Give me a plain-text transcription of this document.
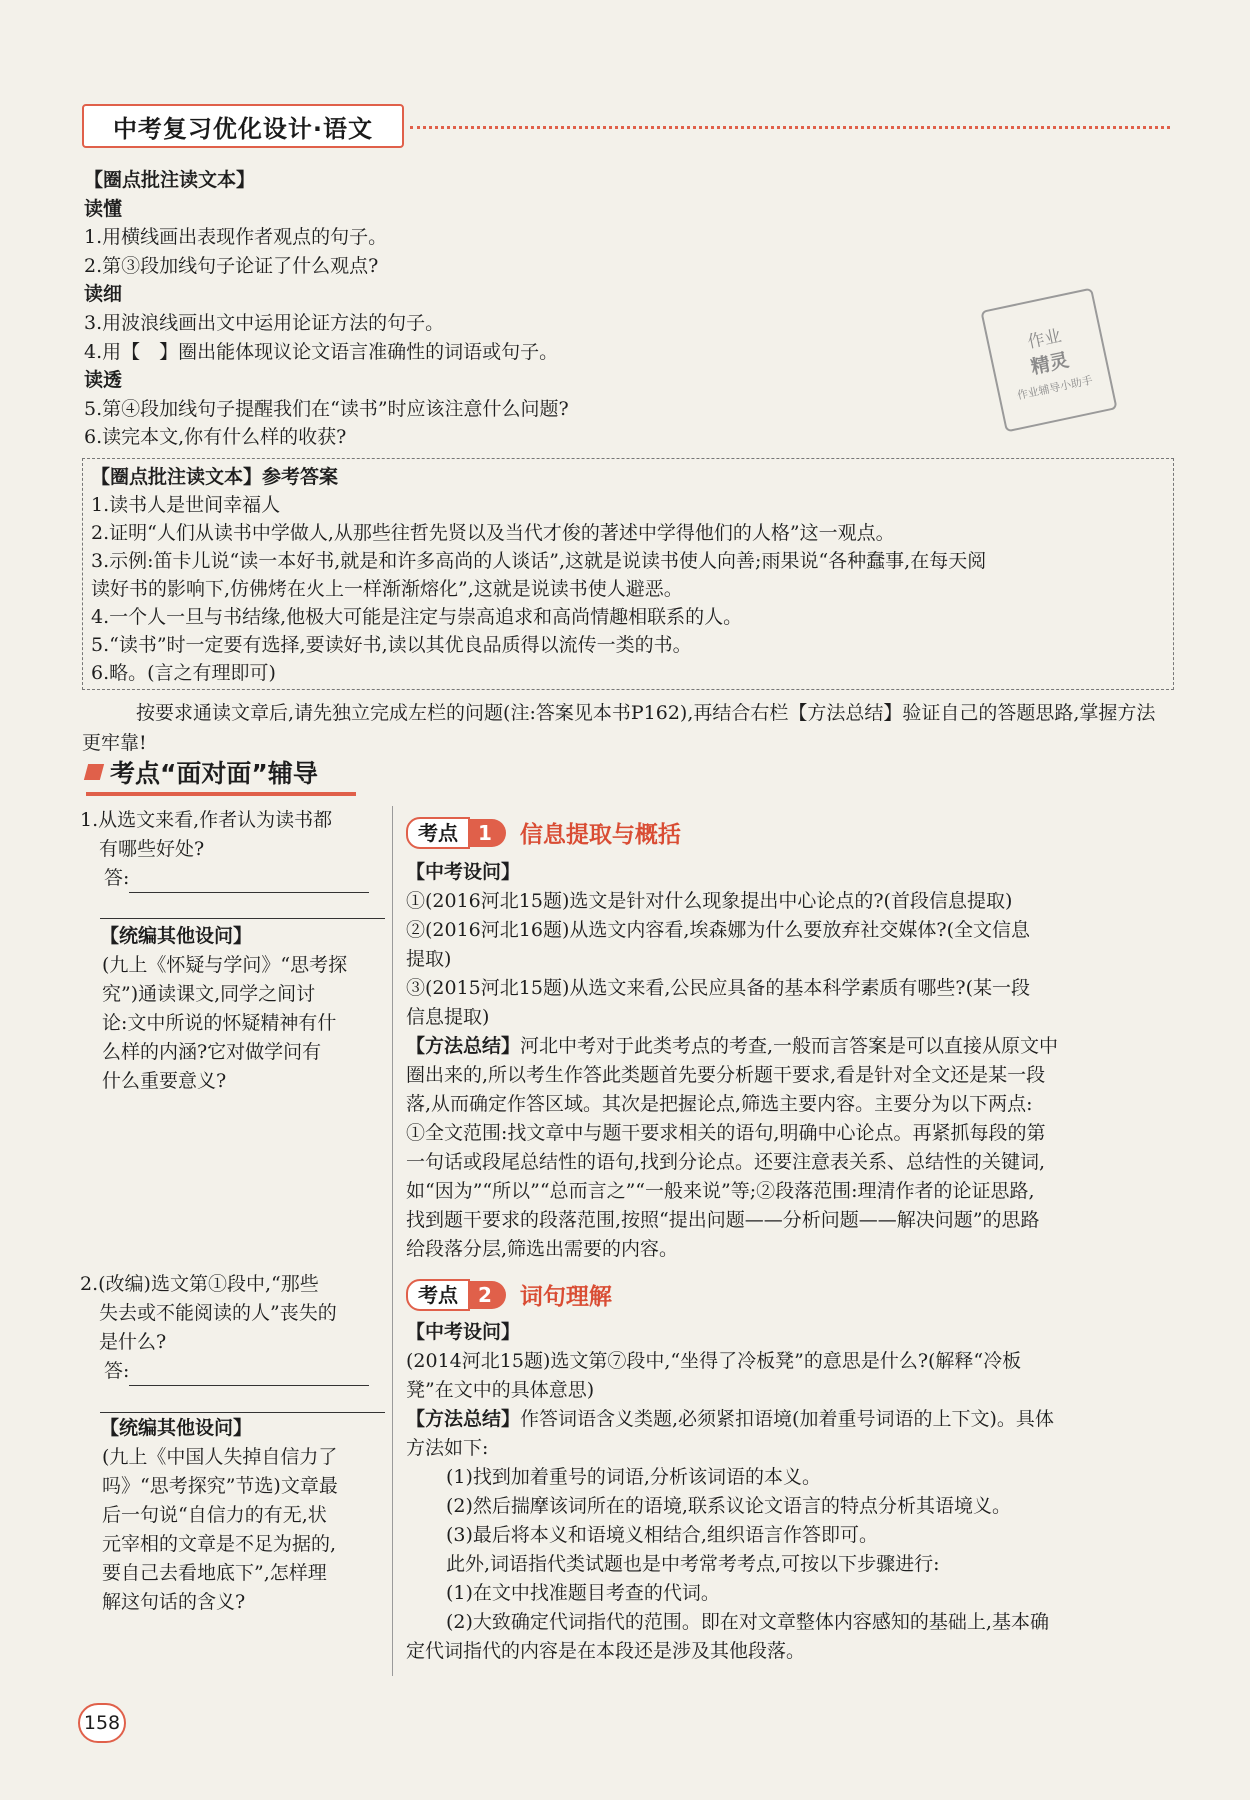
中考复习优化设计·语文
【圈点批注读文本】
读懂
1.用横线画出表现作者观点的句子。
2.第③段加线句子论证了什么观点?
读细
3.用波浪线画出文中运用论证方法的句子。
4.用【　】圈出能体现议论文语言准确性的词语或句子。
读透
5.第④段加线句子提醒我们在“读书”时应该注意什么问题?
6.读完本文,你有什么样的收获?
作业
精灵
作业辅导小助手
【圈点批注读文本】参考答案
1.读书人是世间幸福人
2.证明“人们从读书中学做人,从那些往哲先贤以及当代才俊的著述中学得他们的人格”这一观点。
3.示例:笛卡儿说“读一本好书,就是和许多高尚的人谈话”,这就是说读书使人向善;雨果说“各种蠢事,在每天阅
读好书的影响下,仿佛烤在火上一样渐渐熔化”,这就是说读书使人避恶。
4.一个人一旦与书结缘,他极大可能是注定与崇高追求和高尚情趣相联系的人。
5.“读书”时一定要有选择,要读好书,读以其优良品质得以流传一类的书。
6.略。(言之有理即可)
按要求通读文章后,请先独立完成左栏的问题(注:答案见本书P162),再结合右栏【方法总结】验证自己的答题思路,掌握方法更牢靠!
考点“面对面”辅导
1.从选文来看,作者认为读书都
　有哪些好处?
答:
【统编其他设问】
(九上《怀疑与学问》“思考探
究”)通读课文,同学之间讨
论:文中所说的怀疑精神有什
么样的内涵?它对做学问有
什么重要意义?
2.(改编)选文第①段中,“那些
　失去或不能阅读的人”丧失的
　是什么?
答:
【统编其他设问】
(九上《中国人失掉自信力了
吗》“思考探究”节选)文章最
后一句说“自信力的有无,状
元宰相的文章是不足为据的,
要自己去看地底下”,怎样理
解这句话的含义?
考点	1	信息提取与概括
【中考设问】
①(2016河北15题)选文是针对什么现象提出中心论点的?(首段信息提取)
②(2016河北16题)从选文内容看,埃森娜为什么要放弃社交媒体?(全文信息
提取)
③(2015河北15题)从选文来看,公民应具备的基本科学素质有哪些?(某一段
信息提取)
【方法总结】河北中考对于此类考点的考查,一般而言答案是可以直接从原文中
圈出来的,所以考生作答此类题首先要分析题干要求,看是针对全文还是某一段
落,从而确定作答区域。其次是把握论点,筛选主要内容。主要分为以下两点:
①全文范围:找文章中与题干要求相关的语句,明确中心论点。再紧抓每段的第
一句话或段尾总结性的语句,找到分论点。还要注意表关系、总结性的关键词,
如“因为”“所以”“总而言之”“一般来说”等;②段落范围:理清作者的论证思路,
找到题干要求的段落范围,按照“提出问题——分析问题——解决问题”的思路
给段落分层,筛选出需要的内容。
考点	2	词句理解
【中考设问】
(2014河北15题)选文第⑦段中,“坐得了冷板凳”的意思是什么?(解释“冷板
凳”在文中的具体意思)
【方法总结】作答词语含义类题,必须紧扣语境(加着重号词语的上下文)。具体
方法如下:
(1)找到加着重号的词语,分析该词语的本义。
(2)然后揣摩该词所在的语境,联系议论文语言的特点分析其语境义。
(3)最后将本义和语境义相结合,组织语言作答即可。
此外,词语指代类试题也是中考常考考点,可按以下步骤进行:
(1)在文中找准题目考查的代词。
(2)大致确定代词指代的范围。即在对文章整体内容感知的基础上,基本确
定代词指代的内容是在本段还是涉及其他段落。
158
